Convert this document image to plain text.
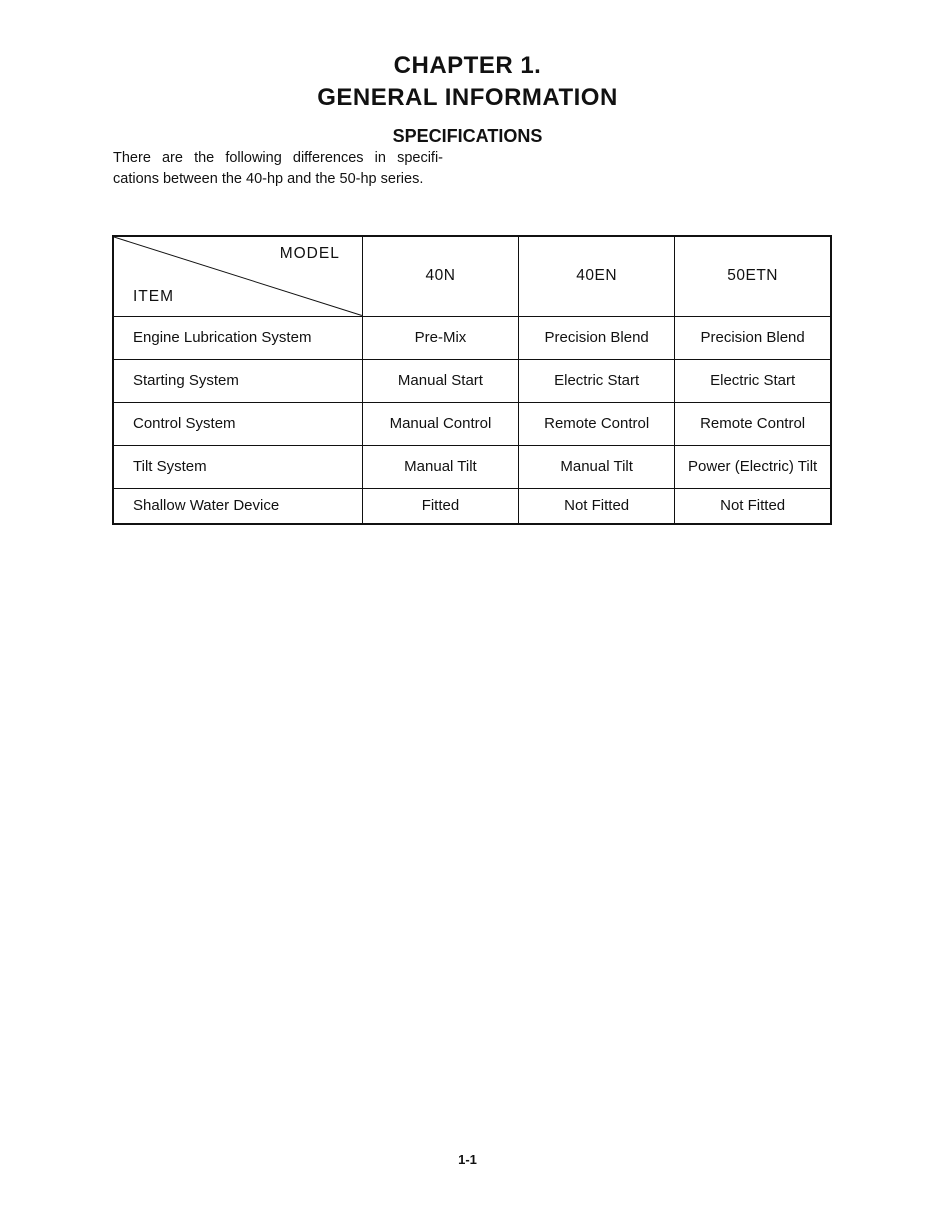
CHAPTER 1.
GENERAL INFORMATION
SPECIFICATIONS

There are the following differences in specifi-cations between the 40-hp and the 50-hp series.

MODEL
ITEM	40N	40EN	50ETN
Engine Lubrication System	Pre-Mix	Precision Blend	Precision Blend
Starting System	Manual Start	Electric Start	Electric Start
Control System	Manual Control	Remote Control	Remote Control
Tilt System	Manual Tilt	Manual Tilt	Power (Electric) Tilt
Shallow Water Device	Fitted	Not Fitted	Not Fitted

1-1
